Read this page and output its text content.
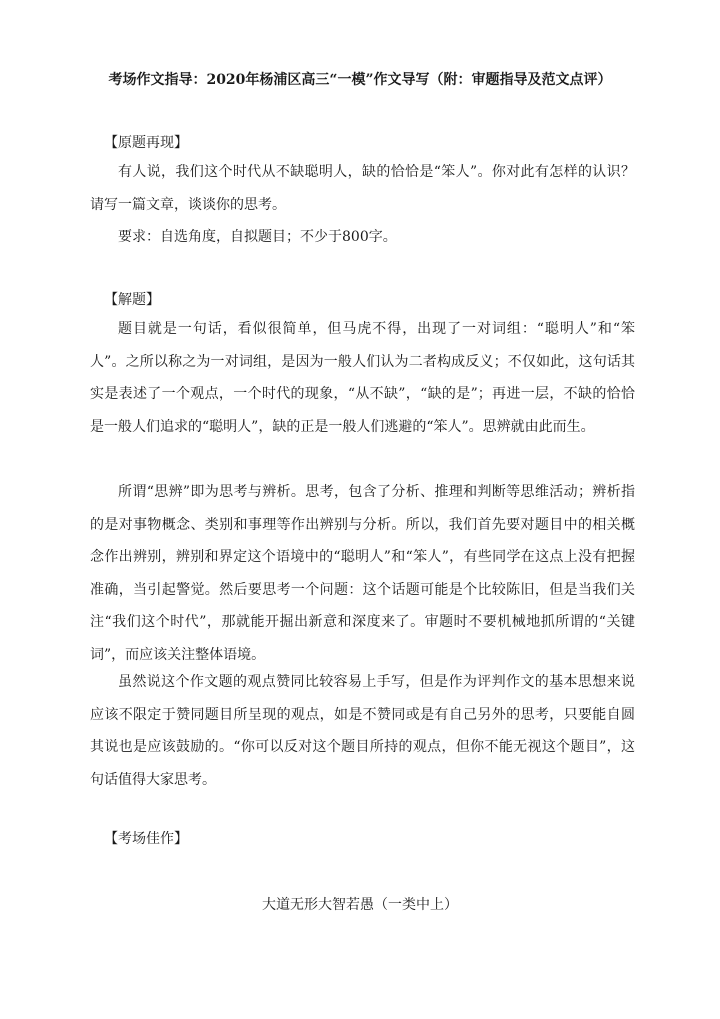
考场作文指导：2020年杨浦区高三“一模”作文导写（附：审题指导及范文点评）
【原题再现】

有人说，我们这个时代从不缺聪明人，缺的恰恰是“笨人”。你对此有怎样的认识？请写一篇文章，谈谈你的思考。

要求：自选角度，自拟题目；不少于800字。

【解题】

题目就是一句话，看似很简单，但马虎不得，出现了一对词组：“聪明人”和“笨人”。之所以称之为一对词组，是因为一般人们认为二者构成反义；不仅如此，这句话其实是表述了一个观点，一个时代的现象，“从不缺”，“缺的是”；再进一层，不缺的恰恰是一般人们追求的“聪明人”，缺的正是一般人们逃避的“笨人”。思辨就由此而生。

所谓“思辨”即为思考与辨析。思考，包含了分析、推理和判断等思维活动；辨析指的是对事物概念、类别和事理等作出辨别与分析。所以，我们首先要对题目中的相关概念作出辨别，辨别和界定这个语境中的“聪明人”和“笨人”，有些同学在这点上没有把握准确，当引起警觉。然后要思考一个问题：这个话题可能是个比较陈旧，但是当我们关注“我们这个时代”，那就能开掘出新意和深度来了。审题时不要机械地抓所谓的“关键词”，而应该关注整体语境。

虽然说这个作文题的观点赞同比较容易上手写，但是作为评判作文的基本思想来说应该不限定于赞同题目所呈现的观点，如是不赞同或是有自己另外的思考，只要能自圆其说也是应该鼓励的。“你可以反对这个题目所持的观点，但你不能无视这个题目”，这句话值得大家思考。

【考场佳作】
大道无形大智若愚（一类中上）
